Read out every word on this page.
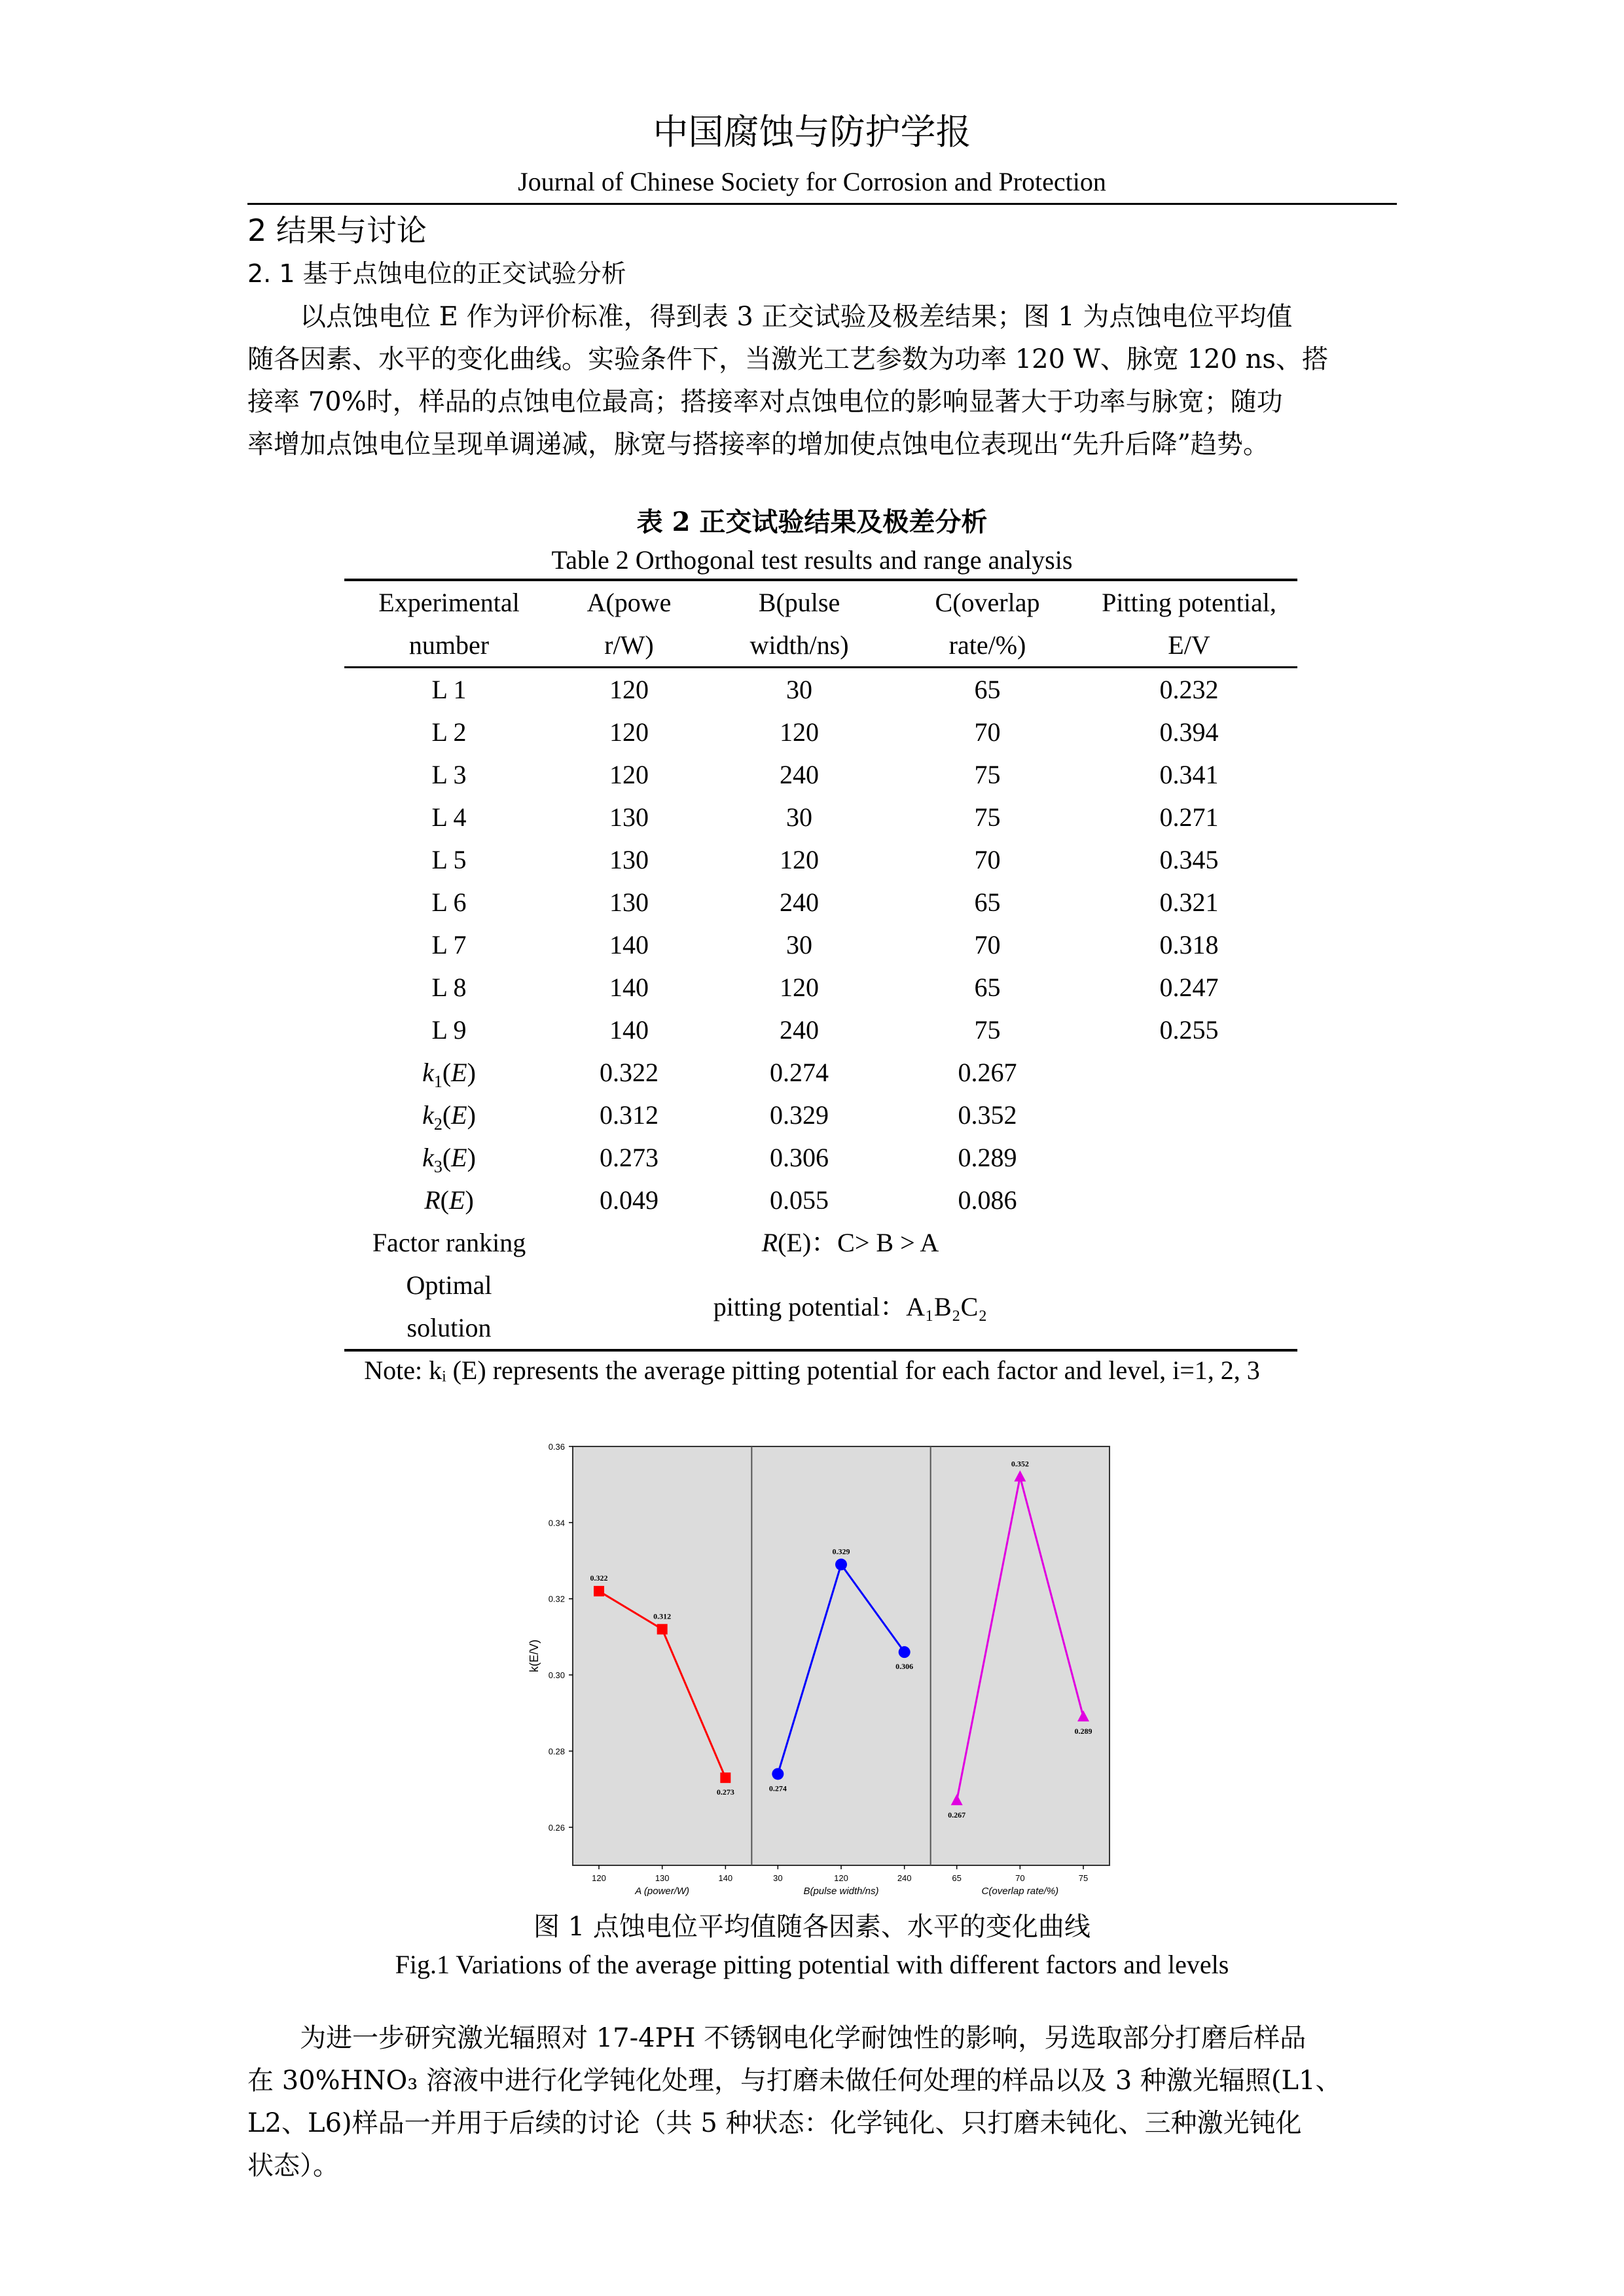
中国腐蚀与防护学报
Journal of Chinese Society for Corrosion and Protection
2 结果与讨论
2. 1 基于点蚀电位的正交试验分析
以点蚀电位 E 作为评价标准，得到表 3 正交试验及极差结果；图 1 为点蚀电位平均值
随各因素、水平的变化曲线。实验条件下，当激光工艺参数为功率 120 W、脉宽 120 ns、搭
接率 70%时，样品的点蚀电位最高；搭接率对点蚀电位的影响显著大于功率与脉宽；随功
率增加点蚀电位呈现单调递减，脉宽与搭接率的增加使点蚀电位表现出“先升后降”趋势。
表 2 正交试验结果及极差分析
Table 2 Orthogonal test results and range analysis
Experimental	A(powe	B(pulse	C(overlap	Pitting potential,
number	r/W)	width/ns)	rate/%)	E/V
L 1	120	30	65	0.232
L 2	120	120	70	0.394
L 3	120	240	75	0.341
L 4	130	30	75	0.271
L 5	130	120	70	0.345
L 6	130	240	65	0.321
L 7	140	30	70	0.318
L 8	140	120	65	0.247
L 9	140	240	75	0.255
$k_1(E)$	0.322	0.274	0.267	
$k_2(E)$	0.312	0.329	0.352	
$k_3(E)$	0.273	0.306	0.289	
R(E)	0.049	0.055	0.086	
Factor ranking	R(E)：C> B > A			

Optimal
solution	pitting potential：A₁B₂C₂			
Note: kᵢ (E) represents the average pitting potential for each factor and level, i=1, 2, 3
0.26
0.28
0.30
0.32
0.34
0.36
k(E/V)
0.322
120
0.312
130
0.273
140
A (power/W)
0.274
30
0.329
120
0.306
240
B(pulse width/ns)
0.267
65
0.352
70
0.289
75
C(overlap rate/%)
图 1 点蚀电位平均值随各因素、水平的变化曲线
Fig.1 Variations of the average pitting potential with different factors and levels
为进一步研究激光辐照对 17-4PH 不锈钢电化学耐蚀性的影响，另选取部分打磨后样品
在 30%HNO₃ 溶液中进行化学钝化处理，与打磨未做任何处理的样品以及 3 种激光辐照(L1、
L2、L6)样品一并用于后续的讨论（共 5 种状态：化学钝化、只打磨未钝化、三种激光钝化
状态）。
